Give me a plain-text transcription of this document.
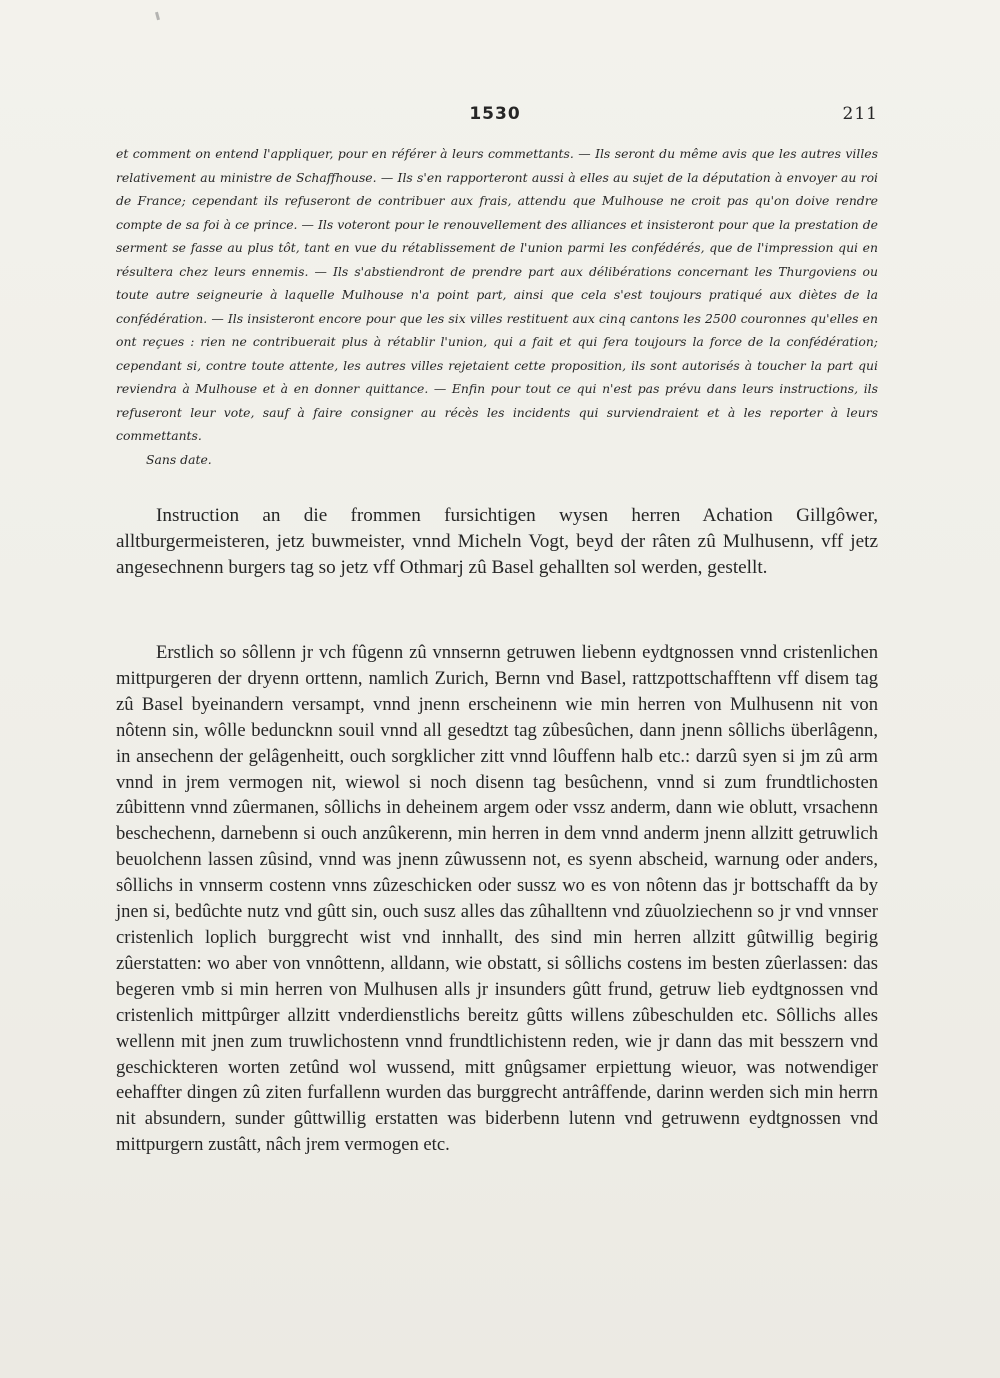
1530	211

et comment on entend l'appliquer, pour en référer à leurs commettants. — Ils seront du même avis que les autres villes relativement au ministre de Schaffhouse. — Ils s'en rapporteront aussi à elles au sujet de la députation à envoyer au roi de France; cependant ils refuseront de contribuer aux frais, attendu que Mulhouse ne croit pas qu'on doive rendre compte de sa foi à ce prince. — Ils voteront pour le renouvellement des alliances et insisteront pour que la prestation de serment se fasse au plus tôt, tant en vue du rétablissement de l'union parmi les confédérés, que de l'impression qui en résultera chez leurs ennemis. — Ils s'abstiendront de prendre part aux délibérations concernant les Thurgoviens ou toute autre seigneurie à laquelle Mulhouse n'a point part, ainsi que cela s'est toujours pratiqué aux diètes de la confédération. — Ils insisteront encore pour que les six villes restituent aux cinq cantons les 2500 couronnes qu'elles en ont reçues : rien ne contribuerait plus à rétablir l'union, qui a fait et qui fera toujours la force de la confédération; cependant si, contre toute attente, les autres villes rejetaient cette proposition, ils sont autorisés à toucher la part qui reviendra à Mulhouse et à en donner quittance. — Enfin pour tout ce qui n'est pas prévu dans leurs instructions, ils refuseront leur vote, sauf à faire consigner au récès les incidents qui surviendraient et à les reporter à leurs commettants.

Sans date.

Instruction an die frommen fursichtigen wysen herren Achation Gillgôwer, alltburgermeisteren, jetz buwmeister, vnnd Micheln Vogt, beyd der râten zû Mulhusenn, vff jetz angesechnenn burgers tag so jetz vff Othmarj zû Basel gehallten sol werden, gestellt.

Erstlich so sôllenn jr vch fûgenn zû vnnsernn getruwen liebenn eydtgnossen vnnd cristenlichen mittpurgeren der dryenn orttenn, namlich Zurich, Bernn vnd Basel, rattzpottschafftenn vff disem tag zû Basel byeinandern versampt, vnnd jnenn erscheinenn wie min herren von Mulhusenn nit von nôtenn sin, wôlle beduncknn souil vnnd all gesedtzt tag zûbesûchen, dann jnenn sôllichs überlâgenn, in ansechenn der gelâgenheitt, ouch sorgklicher zitt vnnd lôuffenn halb etc.: darzû syen si jm zû arm vnnd in jrem vermogen nit, wiewol si noch disenn tag besûchenn, vnnd si zum frundtlichosten zûbittenn vnnd zûermanen, sôllichs in deheinem argem oder vssz anderm, dann wie oblutt, vrsachenn beschechenn, darnebenn si ouch anzûkerenn, min herren in dem vnnd anderm jnenn allzitt getruwlich beuolchenn lassen zûsind, vnnd was jnenn zûwussenn not, es syenn abscheid, warnung oder anders, sôllichs in vnnserm costenn vnns zûzeschicken oder sussz wo es von nôtenn das jr bottschafft da by jnen si, bedûchte nutz vnd gûtt sin, ouch susz alles das zûhalltenn vnd zûuolziechenn so jr vnd vnnser cristenlich loplich burggrecht wist vnd innhallt, des sind min herren allzitt gûtwillig begirig zûerstatten: wo aber von vnnôttenn, alldann, wie obstatt, si sôllichs costens im besten zûerlassen: das begeren vmb si min herren von Mulhusen alls jr insunders gûtt frund, getruw lieb eydtgnossen vnd cristenlich mittpûrger allzitt vnderdienstlichs bereitz gûtts willens zûbeschulden etc. Sôllichs alles wellenn mit jnen zum truwlichostenn vnnd frundtlichistenn reden, wie jr dann das mit besszern vnd geschickteren worten zetûnd wol wussend, mitt gnûgsamer erpiettung wieuor, was notwendiger eehaffter dingen zû ziten furfallenn wurden das burggrecht antrâffende, darinn werden sich min herrn nit absundern, sunder gûttwillig erstatten was biderbenn lutenn vnd getruwenn eydtgnossen vnd mittpurgern zustâtt, nâch jrem vermogen etc.
